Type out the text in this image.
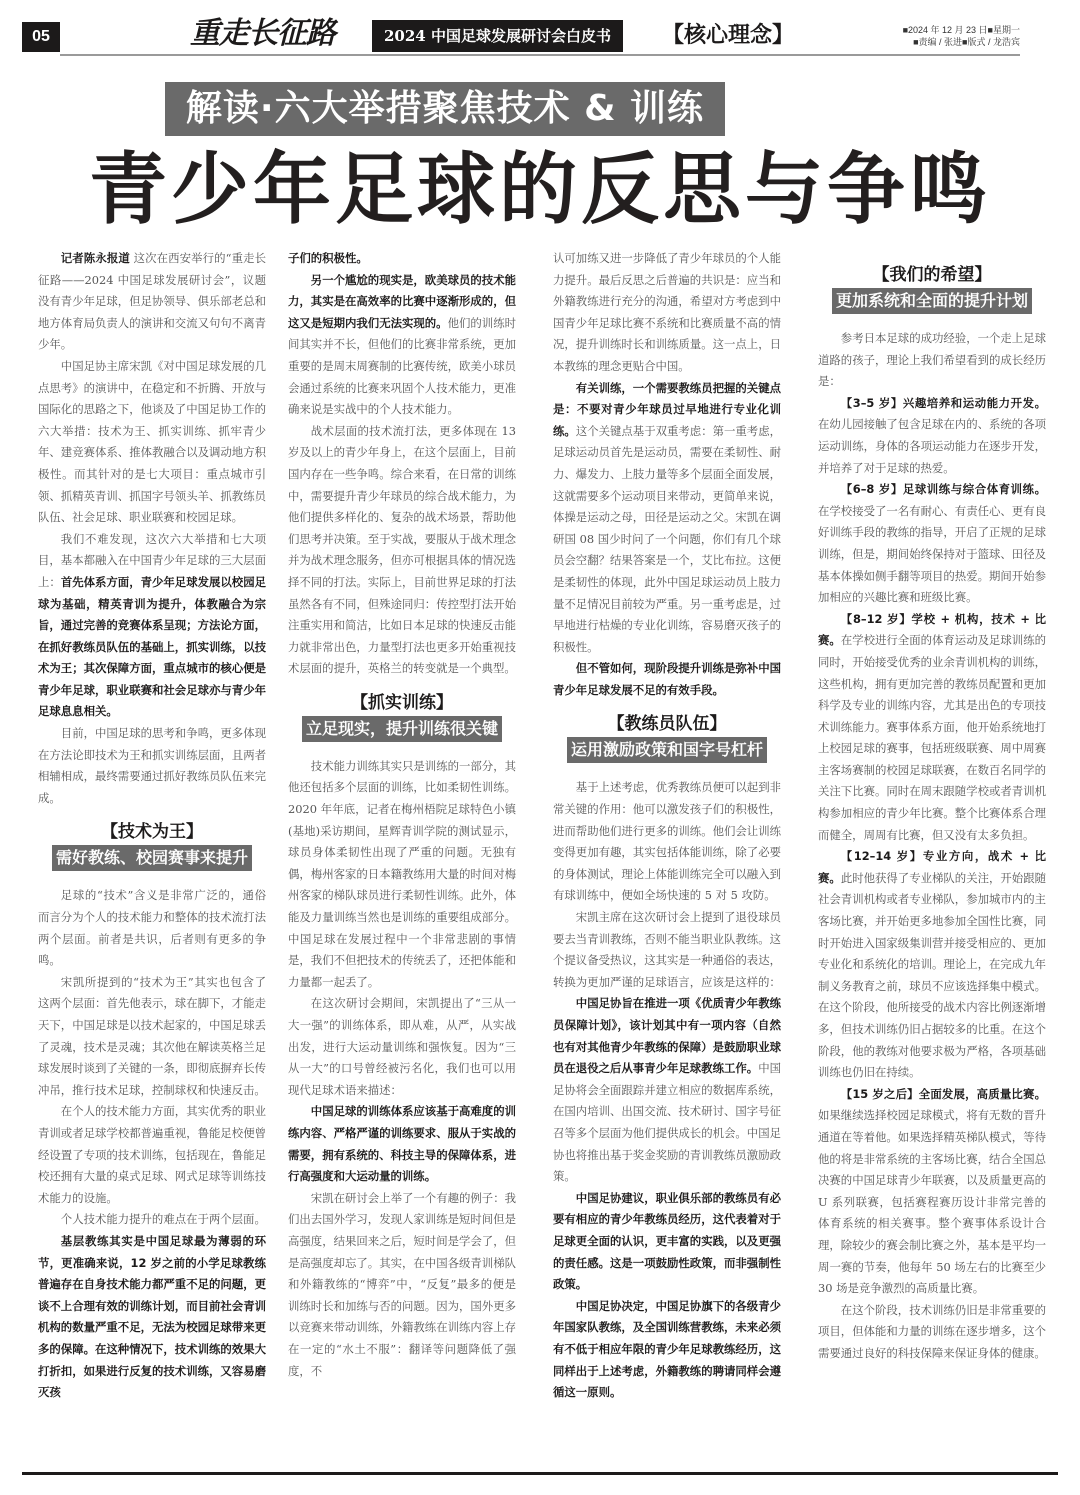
05	重走长征路	2024 中国足球发展研讨会白皮书	【核心理念】	■2024 年 12 月 23 日■星期一
■责编 / 张进■版式 / 龙浩宾
解读·六大举措聚焦技术 & 训练
青少年足球的反思与争鸣

记者陈永报道 这次在西安举行的“重走长征路——2024 中国足球发展研讨会”，议题没有青少年足球，但足协领导、俱乐部老总和地方体育局负责人的演讲和交流又句句不离青少年。

中国足协主席宋凯《对中国足球发展的几点思考》的演讲中，在稳定和不折腾、开放与国际化的思路之下，他谈及了中国足协工作的六大举措：技术为王、抓实训练、抓牢青少年、建竞赛体系、推体教融合以及调动地方积极性。而其针对的是七大项目：重点城市引领、抓精英青训、抓国字号领头羊、抓教练员队伍、社会足球、职业联赛和校园足球。

我们不难发现，这次六大举措和七大项目，基本都融入在中国青少年足球的三大层面上：首先体系方面，青少年足球发展以校园足球为基础，精英青训为提升，体教融合为宗旨，通过完善的竞赛体系呈现；方法论方面，在抓好教练员队伍的基础上，抓实训练，以技术为王；其次保障方面，重点城市的核心便是青少年足球，职业联赛和社会足球亦与青少年足球息息相关。

目前，中国足球的思考和争鸣，更多体现在方法论即技术为王和抓实训练层面，且两者相辅相成，最终需要通过抓好教练员队伍来完成。

【技术为王】
需好教练、校园赛事来提升

足球的“技术”含义是非常广泛的，通俗而言分为个人的技术能力和整体的技术流打法两个层面。前者是共识，后者则有更多的争鸣。

宋凯所提到的“技术为王”其实也包含了这两个层面：首先他表示，球在脚下，才能走天下，中国足球是以技术起家的，中国足球丢了灵魂，技术是灵魂；其次他在解读英格兰足球发展时谈到了关键的一条，即彻底摒弃长传冲吊，推行技术足球，控制球权和快速反击。

在个人的技术能力方面，其实优秀的职业青训或者足球学校都普遍重视，鲁能足校便曾经设置了专项的技术训练，包括现在，鲁能足校还拥有大量的桌式足球、网式足球等训练技术能力的设施。

个人技术能力提升的难点在于两个层面。

基层教练其实是中国足球最为薄弱的环节，更准确来说，12 岁之前的小学足球教练普遍存在自身技术能力都严重不足的问题，更谈不上合理有效的训练计划，而目前社会青训机构的数量严重不足，无法为校园足球带来更多的保障。在这种情况下，技术训练的效果大打折扣，如果进行反复的技术训练，又容易磨灭孩

子们的积极性。

另一个尴尬的现实是，欧美球员的技术能力，其实是在高效率的比赛中逐渐形成的，但这又是短期内我们无法实现的。他们的训练时间其实并不长，但他们的比赛非常系统，更加重要的是周末周赛制的比赛传统，欧美小球员会通过系统的比赛来巩固个人技术能力，更准确来说是实战中的个人技术能力。

战术层面的技术流打法，更多体现在 13 岁及以上的青少年身上，在这个层面上，目前国内存在一些争鸣。综合来看，在日常的训练中，需要提升青少年球员的综合战术能力，为他们提供多样化的、复杂的战术场景，帮助他们思考并决策。至于实战，要服从于战术理念并为战术理念服务，但亦可根据具体的情况选择不同的打法。实际上，目前世界足球的打法虽然各有不同，但殊途同归：传控型打法开始注重实用和简洁，比如日本足球的快速反击能力就非常出色，力量型打法也更多开始重视技术层面的提升，英格兰的转变就是一个典型。

【抓实训练】
立足现实，提升训练很关键

技术能力训练其实只是训练的一部分，其他还包括多个层面的训练，比如柔韧性训练。2020 年年底，记者在梅州梧院足球特色小镇(基地)采访期间，星辉青训学院的测试显示，球员身体柔韧性出现了严重的问题。无独有偶，梅州客家的日本籍教练用大量的时间对梅州客家的梯队球员进行柔韧性训练。此外，体能及力量训练当然也是训练的重要组成部分。中国足球在发展过程中一个非常悲剧的事情是，我们不但把技术的传统丢了，还把体能和力量都一起丢了。

在这次研讨会期间，宋凯提出了“三从一大一强”的训练体系，即从难，从严，从实战出发，进行大运动量训练和强恢复。因为“三从一大”的口号曾经被污名化，我们也可以用现代足球术语来描述：

中国足球的训练体系应该基于高难度的训练内容、严格严谨的训练要求、服从于实战的需要，拥有系统的、科技主导的保障体系，进行高强度和大运动量的训练。

宋凯在研讨会上举了一个有趣的例子：我们出去国外学习，发现人家训练是短时间但是高强度，结果回来之后，短时间是学会了，但是高强度却忘了。其实，在中国各级青训梯队和外籍教练的“博弈”中，“反复”最多的便是训练时长和加练与否的问题。因为，国外更多以竞赛来带动训练，外籍教练在训练内容上存在一定的“水土不服”：翻译等问题降低了强度，不

认可加练又进一步降低了青少年球员的个人能力提升。最后反思之后普遍的共识是：应当和外籍教练进行充分的沟通，希望对方考虑到中国青少年足球比赛不系统和比赛质量不高的情况，提升训练时长和训练质量。这一点上，日本教练的理念更贴合中国。

有关训练，一个需要教练员把握的关键点是：不要对青少年球员过早地进行专业化训练。这个关键点基于双重考虑：第一重考虑，足球运动员首先是运动员，需要在柔韧性、耐力、爆发力、上肢力量等多个层面全面发展，这就需要多个运动项目来带动，更简单来说，体操是运动之母，田径是运动之父。宋凯在调研国 08 国少时问了一个问题，你们有几个球员会空翻？结果答案是一个，艾比布拉。这便是柔韧性的体现，此外中国足球运动员上肢力量不足情况目前较为严重。另一重考虑是，过早地进行枯燥的专业化训练，容易磨灭孩子的积极性。

但不管如何，现阶段提升训练是弥补中国青少年足球发展不足的有效手段。

【教练员队伍】
运用激励政策和国字号杠杆

基于上述考虑，优秀教练员便可以起到非常关键的作用：他可以激发孩子们的积极性，进而帮助他们进行更多的训练。他们会让训练变得更加有趣，其实包括体能训练，除了必要的身体测试，理论上体能训练完全可以融入到有球训练中，便如全场快速的 5 对 5 攻防。

宋凯主席在这次研讨会上提到了退役球员要去当青训教练，否则不能当职业队教练。这个提议备受热议，这其实是一种通俗的表达，转换为更加严谨的足球语言，应该是这样的：

中国足协旨在推进一项《优质青少年教练员保障计划》，该计划其中有一项内容（自然也有对其他青少年教练的保障）是鼓励职业球员在退役之后从事青少年足球教练工作。中国足协将会全面跟踪并建立相应的数据库系统，在国内培训、出国交流、技术研讨、国字号征召等多个层面为他们提供成长的机会。中国足协也将推出基于奖金奖励的青训教练员激励政策。

中国足协建议，职业俱乐部的教练员有必要有相应的青少年教练员经历，这代表着对于足球更全面的认识，更丰富的实践，以及更强的责任感。这是一项鼓励性政策，而非强制性政策。

中国足协决定，中国足协旗下的各级青少年国家队教练，及全国训练营教练，未来必须有不低于相应年限的青少年足球教练经历，这同样出于上述考虑，外籍教练的聘请同样会遵循这一原则。

【我们的希望】
更加系统和全面的提升计划

参考日本足球的成功经验，一个走上足球道路的孩子，理论上我们希望看到的成长经历是：

【3–5 岁】兴趣培养和运动能力开发。在幼儿园接触了包含足球在内的、系统的各项运动训练，身体的各项运动能力在逐步开发，并培养了对于足球的热爱。

【6–8 岁】足球训练与综合体育训练。在学校接受了一名有耐心、有责任心、更有良好训练手段的教练的指导，开启了正规的足球训练，但是，期间始终保持对于篮球、田径及基本体操如侧手翻等项目的热爱。期间开始参加相应的兴趣比赛和班级比赛。

【8–12 岁】学校 + 机构，技术 + 比赛。在学校进行全面的体育运动及足球训练的同时，开始接受优秀的业余青训机构的训练，这些机构，拥有更加完善的教练员配置和更加科学及专业的训练内容，尤其是出色的专项技术训练能力。赛事体系方面，他开始系统地打上校园足球的赛事，包括班级联赛、周中周赛主客场赛制的校园足球联赛，在数百名同学的关注下比赛。同时在周末跟随学校或者青训机构参加相应的青少年比赛。整个比赛体系合理而健全，周周有比赛，但又没有太多负担。

【12–14 岁】专业方向，战术 + 比赛。此时他获得了专业梯队的关注，开始跟随社会青训机构或者专业梯队，参加城市内的主客场比赛，并开始更多地参加全国性比赛，同时开始进入国家级集训营并接受相应的、更加专业化和系统化的培训。理论上，在完成九年制义务教育之前，球员不应该选择集中模式。在这个阶段，他所接受的战术内容比例逐渐增多，但技术训练仍旧占据较多的比重。在这个阶段，他的教练对他要求极为严格，各项基础训练也仍旧在持续。

【15 岁之后】全面发展，高质量比赛。如果继续选择校园足球模式，将有无数的晋升通道在等着他。如果选择精英梯队模式，等待他的将是非常系统的主客场比赛，结合全国总决赛的中国足球青少年联赛，以及质量更高的 U 系列联赛，包括赛程赛历设计非常完善的体育系统的相关赛事。整个赛事体系设计合理，除较少的赛会制比赛之外，基本是平均一周一赛的节奏，他每年 50 场左右的比赛至少 30 场是竞争激烈的高质量比赛。

在这个阶段，技术训练仍旧是非常重要的项目，但体能和力量的训练在逐步增多，这个需要通过良好的科技保障来保证身体的健康。
